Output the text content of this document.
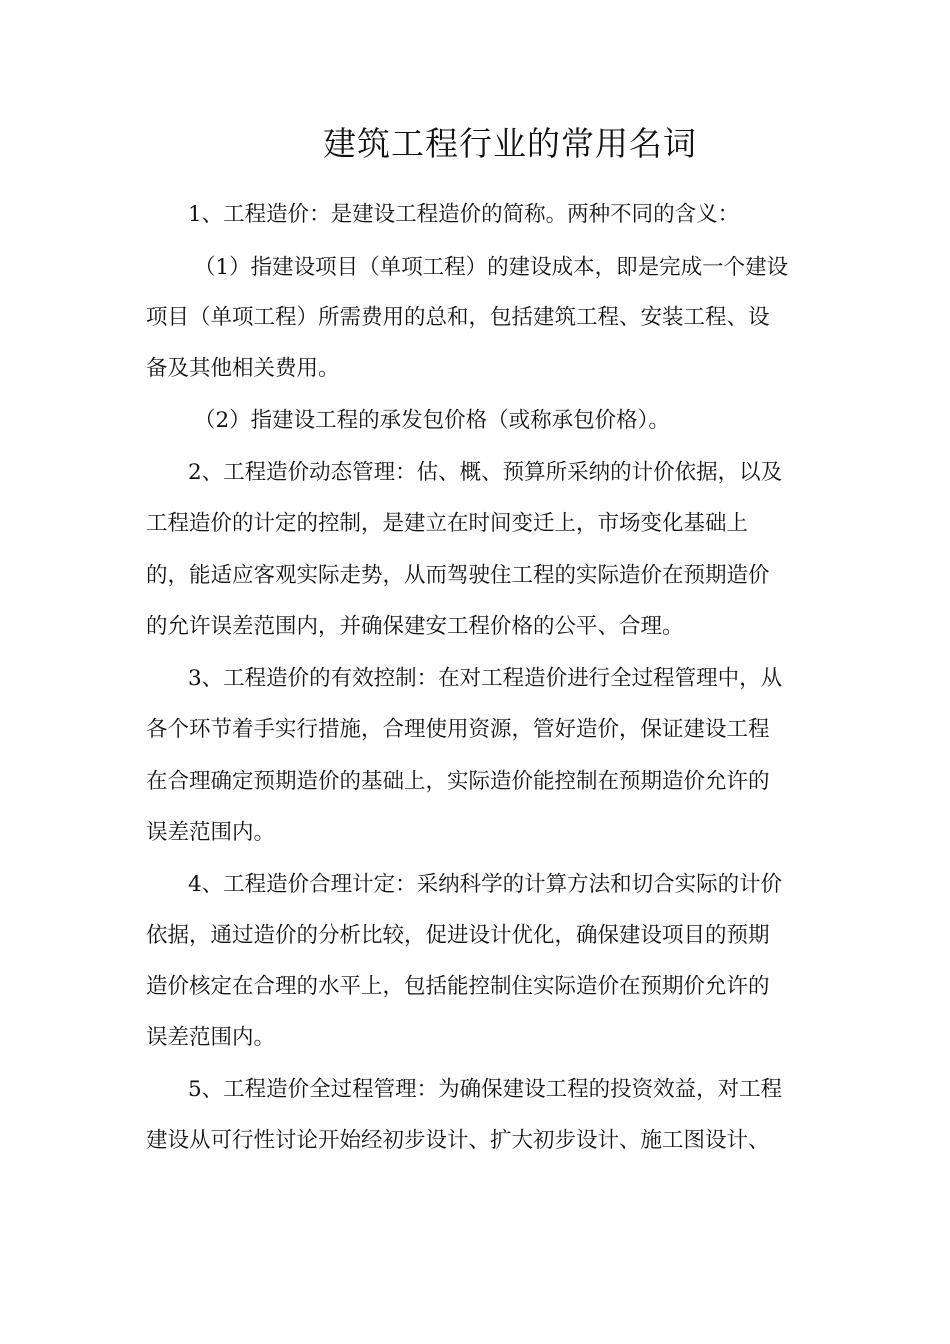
建筑工程行业的常用名词
1、工程造价：是建设工程造价的简称。两种不同的含义：
（1）指建设项目（单项工程）的建设成本，即是完成一个建设
项目（单项工程）所需费用的总和，包括建筑工程、安装工程、设
备及其他相关费用。
（2）指建设工程的承发包价格（或称承包价格）。
2、工程造价动态管理：估、概、预算所采纳的计价依据，以及
工程造价的计定的控制，是建立在时间变迁上，市场变化基础上
的，能适应客观实际走势，从而驾驶住工程的实际造价在预期造价
的允许误差范围内，并确保建安工程价格的公平、合理。
3、工程造价的有效控制：在对工程造价进行全过程管理中，从
各个环节着手实行措施，合理使用资源，管好造价，保证建设工程
在合理确定预期造价的基础上，实际造价能控制在预期造价允许的
误差范围内。
4、工程造价合理计定：采纳科学的计算方法和切合实际的计价
依据，通过造价的分析比较，促进设计优化，确保建设项目的预期
造价核定在合理的水平上，包括能控制住实际造价在预期价允许的
误差范围内。
5、工程造价全过程管理：为确保建设工程的投资效益，对工程
建设从可行性讨论开始经初步设计、扩大初步设计、施工图设计、
